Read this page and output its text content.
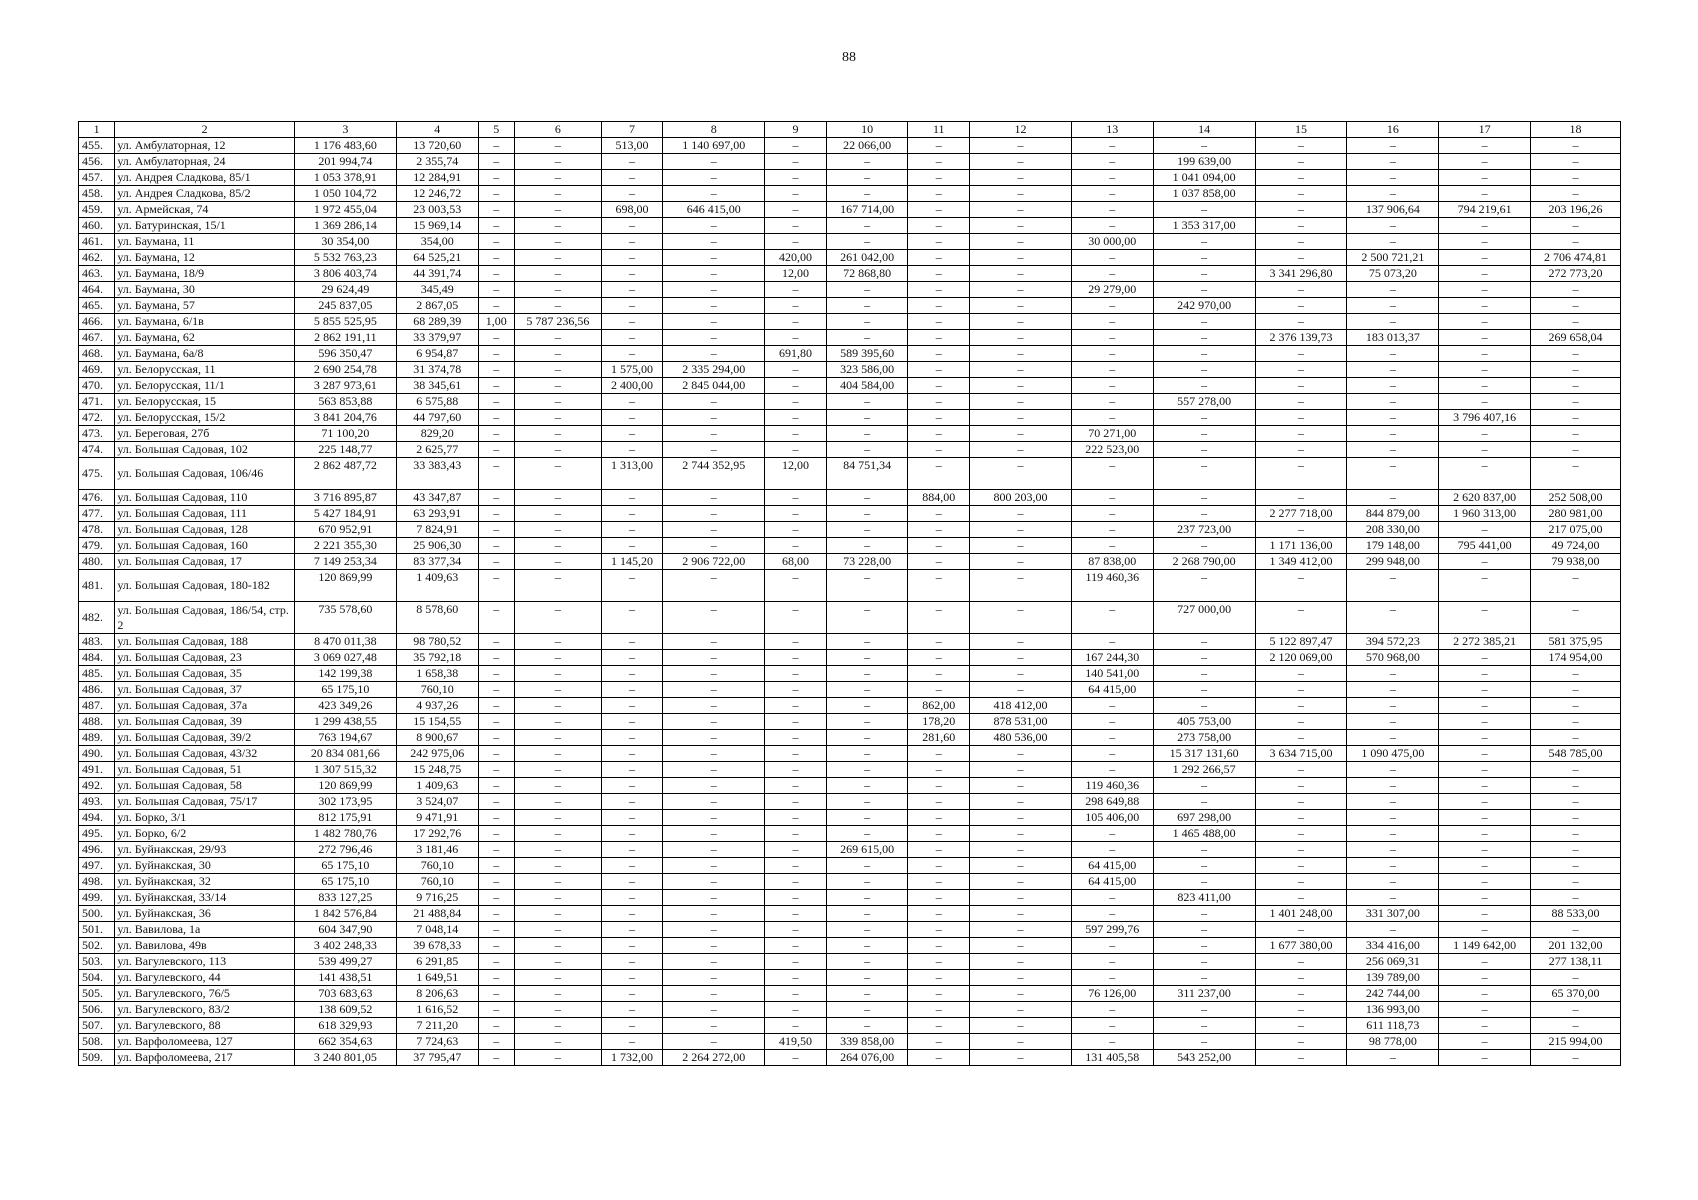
88
1	2	3	4	5	6	7	8	9	10	11	12	13	14	15	16	17	18
455.	ул. Амбулаторная, 12	1 176 483,60	13 720,60	–	–	513,00	1 140 697,00	–	22 066,00	–	–	–	–	–	–	–	–
456.	ул. Амбулаторная, 24	201 994,74	2 355,74	–	–	–	–	–	–	–	–	–	199 639,00	–	–	–	–
457.	ул. Андрея Сладкова, 85/1	1 053 378,91	12 284,91	–	–	–	–	–	–	–	–	–	1 041 094,00	–	–	–	–
458.	ул. Андрея Сладкова, 85/2	1 050 104,72	12 246,72	–	–	–	–	–	–	–	–	–	1 037 858,00	–	–	–	–
459.	ул. Армейская, 74	1 972 455,04	23 003,53	–	–	698,00	646 415,00	–	167 714,00	–	–	–	–	–	137 906,64	794 219,61	203 196,26
460.	ул. Батуринская, 15/1	1 369 286,14	15 969,14	–	–	–	–	–	–	–	–	–	1 353 317,00	–	–	–	–
461.	ул. Баумана, 11	30 354,00	354,00	–	–	–	–	–	–	–	–	30 000,00	–	–	–	–	–
462.	ул. Баумана, 12	5 532 763,23	64 525,21	–	–	–	–	420,00	261 042,00	–	–	–	–	–	2 500 721,21	–	2 706 474,81
463.	ул. Баумана, 18/9	3 806 403,74	44 391,74	–	–	–	–	12,00	72 868,80	–	–	–	–	3 341 296,80	75 073,20	–	272 773,20
464.	ул. Баумана, 30	29 624,49	345,49	–	–	–	–	–	–	–	–	29 279,00	–	–	–	–	–
465.	ул. Баумана, 57	245 837,05	2 867,05	–	–	–	–	–	–	–	–	–	242 970,00	–	–	–	–
466.	ул. Баумана, 6/1в	5 855 525,95	68 289,39	1,00	5 787 236,56	–	–	–	–	–	–	–	–	–	–	–	–
467.	ул. Баумана, 62	2 862 191,11	33 379,97	–	–	–	–	–	–	–	–	–	–	2 376 139,73	183 013,37	–	269 658,04
468.	ул. Баумана, 6а/8	596 350,47	6 954,87	–	–	–	–	691,80	589 395,60	–	–	–	–	–	–	–	–
469.	ул. Белорусская, 11	2 690 254,78	31 374,78	–	–	1 575,00	2 335 294,00	–	323 586,00	–	–	–	–	–	–	–	–
470.	ул. Белорусская, 11/1	3 287 973,61	38 345,61	–	–	2 400,00	2 845 044,00	–	404 584,00	–	–	–	–	–	–	–	–
471.	ул. Белорусская, 15	563 853,88	6 575,88	–	–	–	–	–	–	–	–	–	557 278,00	–	–	–	–
472.	ул. Белорусская, 15/2	3 841 204,76	44 797,60	–	–	–	–	–	–	–	–	–	–	–	–	3 796 407,16	–
473.	ул. Береговая, 27б	71 100,20	829,20	–	–	–	–	–	–	–	–	70 271,00	–	–	–	–	–
474.	ул. Большая Садовая, 102	225 148,77	2 625,77	–	–	–	–	–	–	–	–	222 523,00	–	–	–	–	–
475.	ул. Большая Садовая, 106/46	2 862 487,72	33 383,43	–	–	1 313,00	2 744 352,95	12,00	84 751,34	–	–	–	–	–	–	–	–
476.	ул. Большая Садовая, 110	3 716 895,87	43 347,87	–	–	–	–	–	–	884,00	800 203,00	–	–	–	–	2 620 837,00	252 508,00
477.	ул. Большая Садовая, 111	5 427 184,91	63 293,91	–	–	–	–	–	–	–	–	–	–	2 277 718,00	844 879,00	1 960 313,00	280 981,00
478.	ул. Большая Садовая, 128	670 952,91	7 824,91	–	–	–	–	–	–	–	–	–	237 723,00	–	208 330,00	–	217 075,00
479.	ул. Большая Садовая, 160	2 221 355,30	25 906,30	–	–	–	–	–	–	–	–	–	–	1 171 136,00	179 148,00	795 441,00	49 724,00
480.	ул. Большая Садовая, 17	7 149 253,34	83 377,34	–	–	1 145,20	2 906 722,00	68,00	73 228,00	–	–	87 838,00	2 268 790,00	1 349 412,00	299 948,00	–	79 938,00
481.	ул. Большая Садовая, 180-182	120 869,99	1 409,63	–	–	–	–	–	–	–	–	119 460,36	–	–	–	–	–
482.	ул. Большая Садовая, 186/54, стр. 2	735 578,60	8 578,60	–	–	–	–	–	–	–	–	–	727 000,00	–	–	–	–
483.	ул. Большая Садовая, 188	8 470 011,38	98 780,52	–	–	–	–	–	–	–	–	–	–	5 122 897,47	394 572,23	2 272 385,21	581 375,95
484.	ул. Большая Садовая, 23	3 069 027,48	35 792,18	–	–	–	–	–	–	–	–	167 244,30	–	2 120 069,00	570 968,00	–	174 954,00
485.	ул. Большая Садовая, 35	142 199,38	1 658,38	–	–	–	–	–	–	–	–	140 541,00	–	–	–	–	–
486.	ул. Большая Садовая, 37	65 175,10	760,10	–	–	–	–	–	–	–	–	64 415,00	–	–	–	–	–
487.	ул. Большая Садовая, 37а	423 349,26	4 937,26	–	–	–	–	–	–	862,00	418 412,00	–	–	–	–	–	–
488.	ул. Большая Садовая, 39	1 299 438,55	15 154,55	–	–	–	–	–	–	178,20	878 531,00	–	405 753,00	–	–	–	–
489.	ул. Большая Садовая, 39/2	763 194,67	8 900,67	–	–	–	–	–	–	281,60	480 536,00	–	273 758,00	–	–	–	–
490.	ул. Большая Садовая, 43/32	20 834 081,66	242 975,06	–	–	–	–	–	–	–	–	–	15 317 131,60	3 634 715,00	1 090 475,00	–	548 785,00
491.	ул. Большая Садовая, 51	1 307 515,32	15 248,75	–	–	–	–	–	–	–	–	–	1 292 266,57	–	–	–	–
492.	ул. Большая Садовая, 58	120 869,99	1 409,63	–	–	–	–	–	–	–	–	119 460,36	–	–	–	–	–
493.	ул. Большая Садовая, 75/17	302 173,95	3 524,07	–	–	–	–	–	–	–	–	298 649,88	–	–	–	–	–
494.	ул. Борко, 3/1	812 175,91	9 471,91	–	–	–	–	–	–	–	–	105 406,00	697 298,00	–	–	–	–
495.	ул. Борко, 6/2	1 482 780,76	17 292,76	–	–	–	–	–	–	–	–	–	1 465 488,00	–	–	–	–
496.	ул. Буйнакская, 29/93	272 796,46	3 181,46	–	–	–	–	–	269 615,00	–	–	–	–	–	–	–	–
497.	ул. Буйнакская, 30	65 175,10	760,10	–	–	–	–	–	–	–	–	64 415,00	–	–	–	–	–
498.	ул. Буйнакская, 32	65 175,10	760,10	–	–	–	–	–	–	–	–	64 415,00	–	–	–	–	–
499.	ул. Буйнакская, 33/14	833 127,25	9 716,25	–	–	–	–	–	–	–	–	–	823 411,00	–	–	–	–
500.	ул. Буйнакская, 36	1 842 576,84	21 488,84	–	–	–	–	–	–	–	–	–	–	1 401 248,00	331 307,00	–	88 533,00
501.	ул. Вавилова, 1а	604 347,90	7 048,14	–	–	–	–	–	–	–	–	597 299,76	–	–	–	–	–
502.	ул. Вавилова, 49в	3 402 248,33	39 678,33	–	–	–	–	–	–	–	–	–	–	1 677 380,00	334 416,00	1 149 642,00	201 132,00
503.	ул. Вагулевского, 113	539 499,27	6 291,85	–	–	–	–	–	–	–	–	–	–	–	256 069,31	–	277 138,11
504.	ул. Вагулевского, 44	141 438,51	1 649,51	–	–	–	–	–	–	–	–	–	–	–	139 789,00	–	–
505.	ул. Вагулевского, 76/5	703 683,63	8 206,63	–	–	–	–	–	–	–	–	76 126,00	311 237,00	–	242 744,00	–	65 370,00
506.	ул. Вагулевского, 83/2	138 609,52	1 616,52	–	–	–	–	–	–	–	–	–	–	–	136 993,00	–	–
507.	ул. Вагулевского, 88	618 329,93	7 211,20	–	–	–	–	–	–	–	–	–	–	–	611 118,73	–	–
508.	ул. Варфоломеева, 127	662 354,63	7 724,63	–	–	–	–	419,50	339 858,00	–	–	–	–	–	98 778,00	–	215 994,00
509.	ул. Варфоломеева, 217	3 240 801,05	37 795,47	–	–	1 732,00	2 264 272,00	–	264 076,00	–	–	131 405,58	543 252,00	–	–	–	–
